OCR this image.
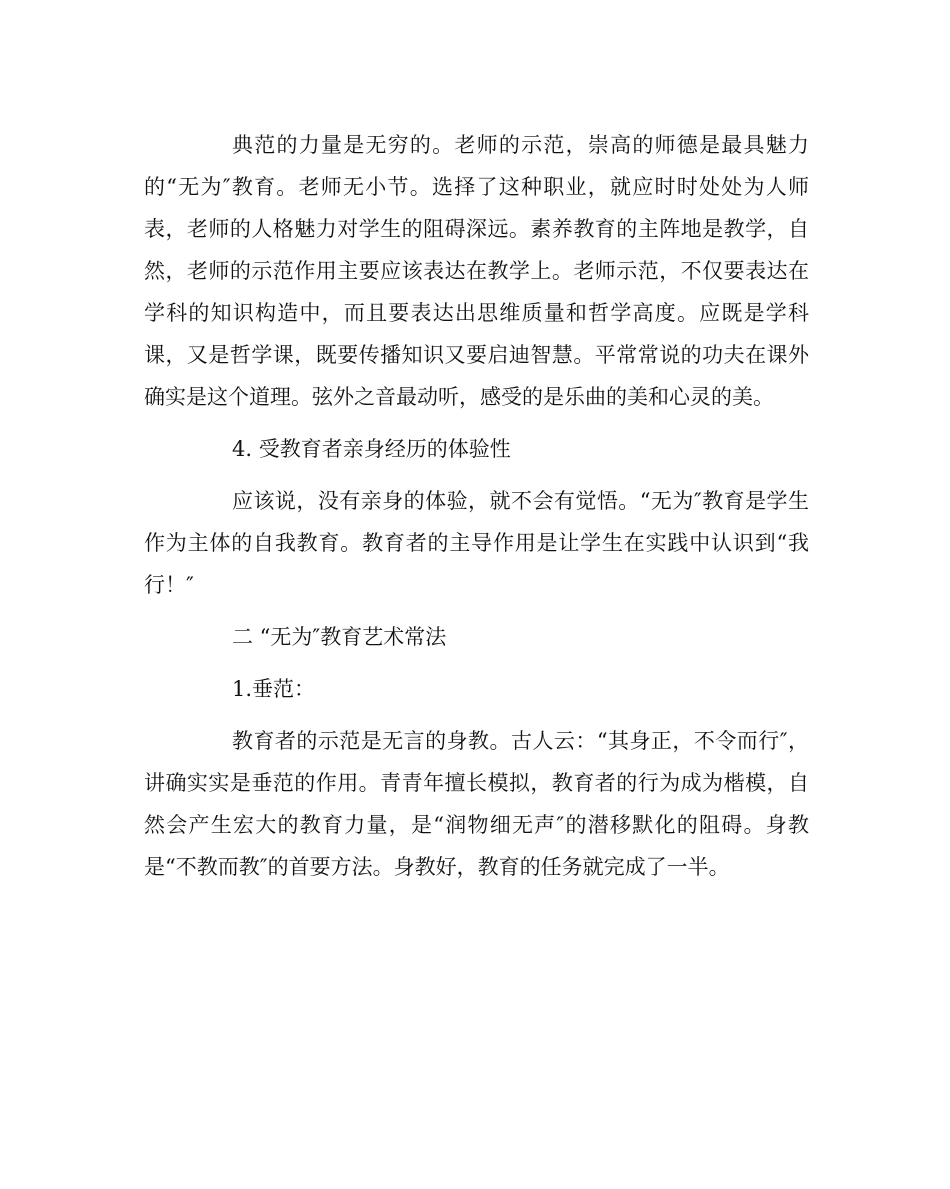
典范的力量是无穷的。老师的示范，崇高的师德是最具魅力的“无为″教育。老师无小节。选择了这种职业，就应时时处处为人师表，老师的人格魅力对学生的阻碍深远。素养教育的主阵地是教学，自然，老师的示范作用主要应该表达在教学上。老师示范，不仅要表达在学科的知识构造中，而且要表达出思维质量和哲学高度。应既是学科课，又是哲学课，既要传播知识又要启迪智慧。平常常说的功夫在课外确实是这个道理。弦外之音最动听，感受的是乐曲的美和心灵的美。

4. 受教育者亲身经历的体验性

应该说，没有亲身的体验，就不会有觉悟。“无为″教育是学生作为主体的自我教育。教育者的主导作用是让学生在实践中认识到“我行！″

二 “无为″教育艺术常法

1.垂范：

教育者的示范是无言的身教。古人云：“其身正，不令而行″，讲确实实是垂范的作用。青青年擅长模拟，教育者的行为成为楷模，自然会产生宏大的教育力量，是“润物细无声″的潜移默化的阻碍。身教是“不教而教″的首要方法。身教好，教育的任务就完成了一半。
